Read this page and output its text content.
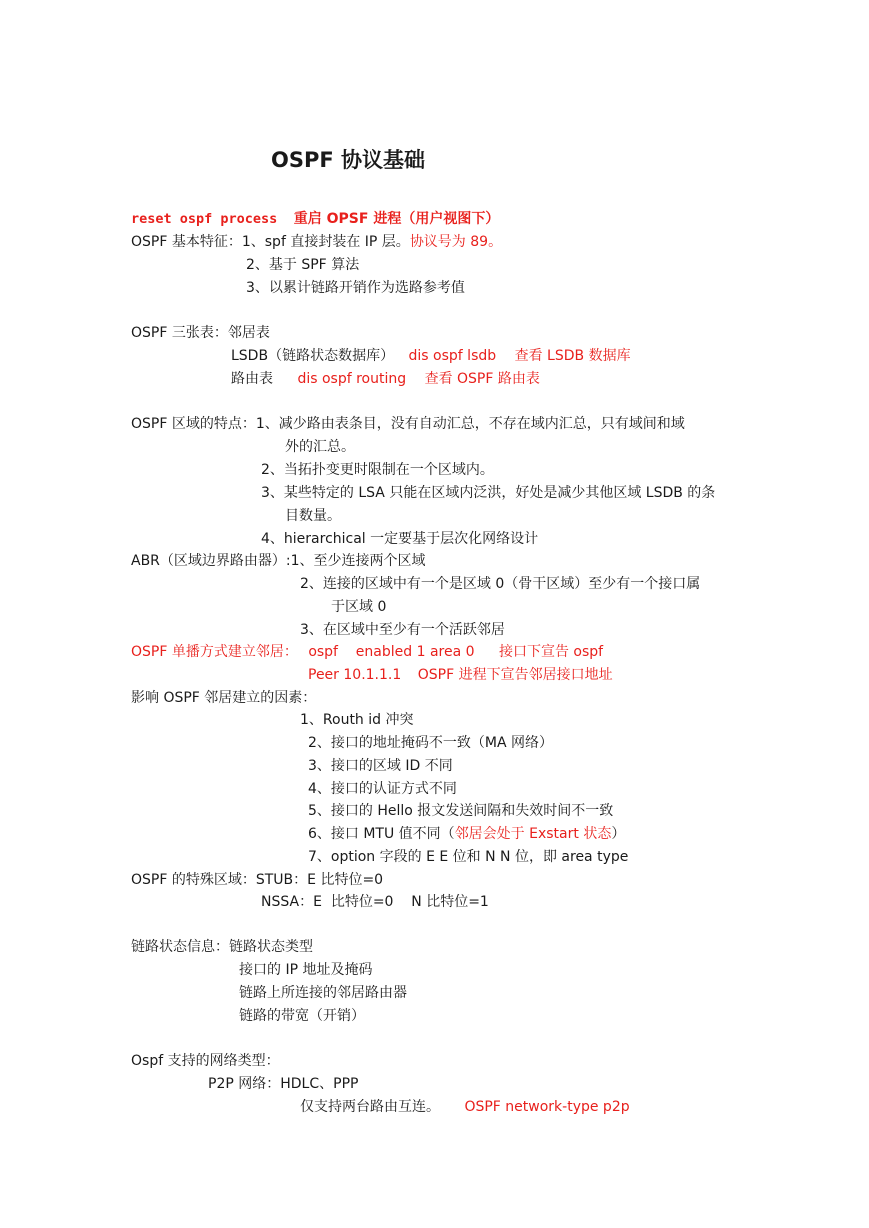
OSPF 协议基础
reset ospf process 重启 OPSF 进程（用户视图下）
OSPF 基本特征：1、spf 直接封装在 IP 层。协议号为 89。
2、基于 SPF 算法
3、以累计链路开销作为选路参考值
OSPF 三张表：邻居表
LSDB（链路状态数据库） dis ospf lsdb 查看 LSDB 数据库
路由表 dis ospf routing 查看 OSPF 路由表
OSPF 区域的特点：1、减少路由表条目，没有自动汇总，不存在域内汇总，只有域间和域
外的汇总。
2、当拓扑变更时限制在一个区域内。
3、某些特定的 LSA 只能在区域内泛洪，好处是减少其他区域 LSDB 的条
目数量。
4、hierarchical 一定要基于层次化网络设计
ABR（区域边界路由器）:1、至少连接两个区域
2、连接的区域中有一个是区域 0（骨干区域）至少有一个接口属
于区域 0
3、在区域中至少有一个活跃邻居
OSPF 单播方式建立邻居： ospf    enabled 1 area 0 接口下宣告 ospf
Peer 10.1.1.1 OSPF 进程下宣告邻居接口地址
影响 OSPF 邻居建立的因素：
1、Routh id 冲突
2、接口的地址掩码不一致（MA 网络）
3、接口的区域 ID 不同
4、接口的认证方式不同
5、接口的 Hello 报文发送间隔和失效时间不一致
6、接口 MTU 值不同（邻居会处于 Exstart 状态）
7、option 字段的 E E 位和 N N 位，即 area type
OSPF 的特殊区域：STUB：E 比特位=0
NSSA：E  比特位=0    N 比特位=1
链路状态信息：链路状态类型
接口的 IP 地址及掩码
链路上所连接的邻居路由器
链路的带宽（开销）
Ospf 支持的网络类型：
P2P 网络：HDLC、PPP
仅支持两台路由互连。 OSPF network-type p2p
